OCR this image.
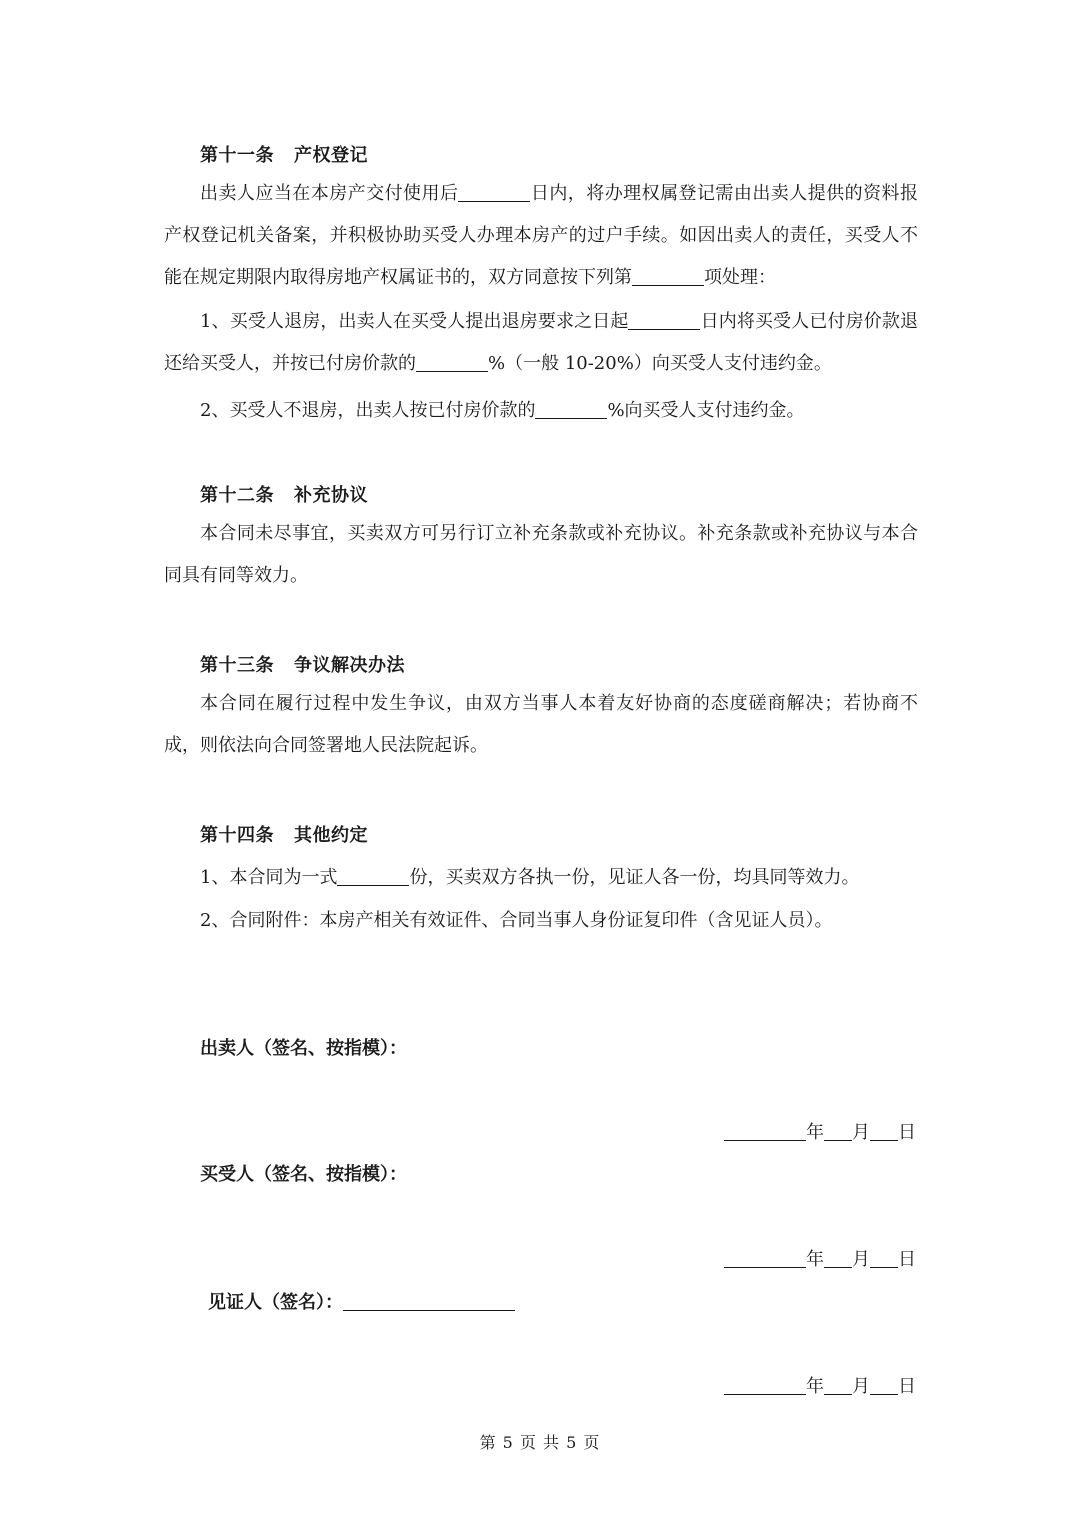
第十一条 产权登记
出卖人应当在本房产交付使用后	日内，将办理权属登记需由出卖人提供的资料报产权登记机关备案，并积极协助买受人办理本房产的过户手续。如因出卖人的责任，买受人不能在规定期限内取得房地产权属证书的，双方同意按下列第	项处理：
1、买受人退房，出卖人在买受人提出退房要求之日起	日内将买受人已付房价款退还给买受人，并按已付房价款的	%（一般 10-20%）向买受人支付违约金。
2、买受人不退房，出卖人按已付房价款的	%向买受人支付违约金。
第十二条 补充协议
本合同未尽事宜，买卖双方可另行订立补充条款或补充协议。补充条款或补充协议与本合同具有同等效力。
第十三条 争议解决办法
本合同在履行过程中发生争议，由双方当事人本着友好协商的态度磋商解决；若协商不成，则依法向合同签署地人民法院起诉。
第十四条 其他约定
1、本合同为一式	份，买卖双方各执一份，见证人各一份，均具同等效力。
2、合同附件：本房产相关有效证件、合同当事人身份证复印件（含见证人员）。
出卖人（签名、按指模）：
年 月 日
买受人（签名、按指模）：
年 月 日
见证人（签名）：
年 月 日
第 5 页 共 5 页
